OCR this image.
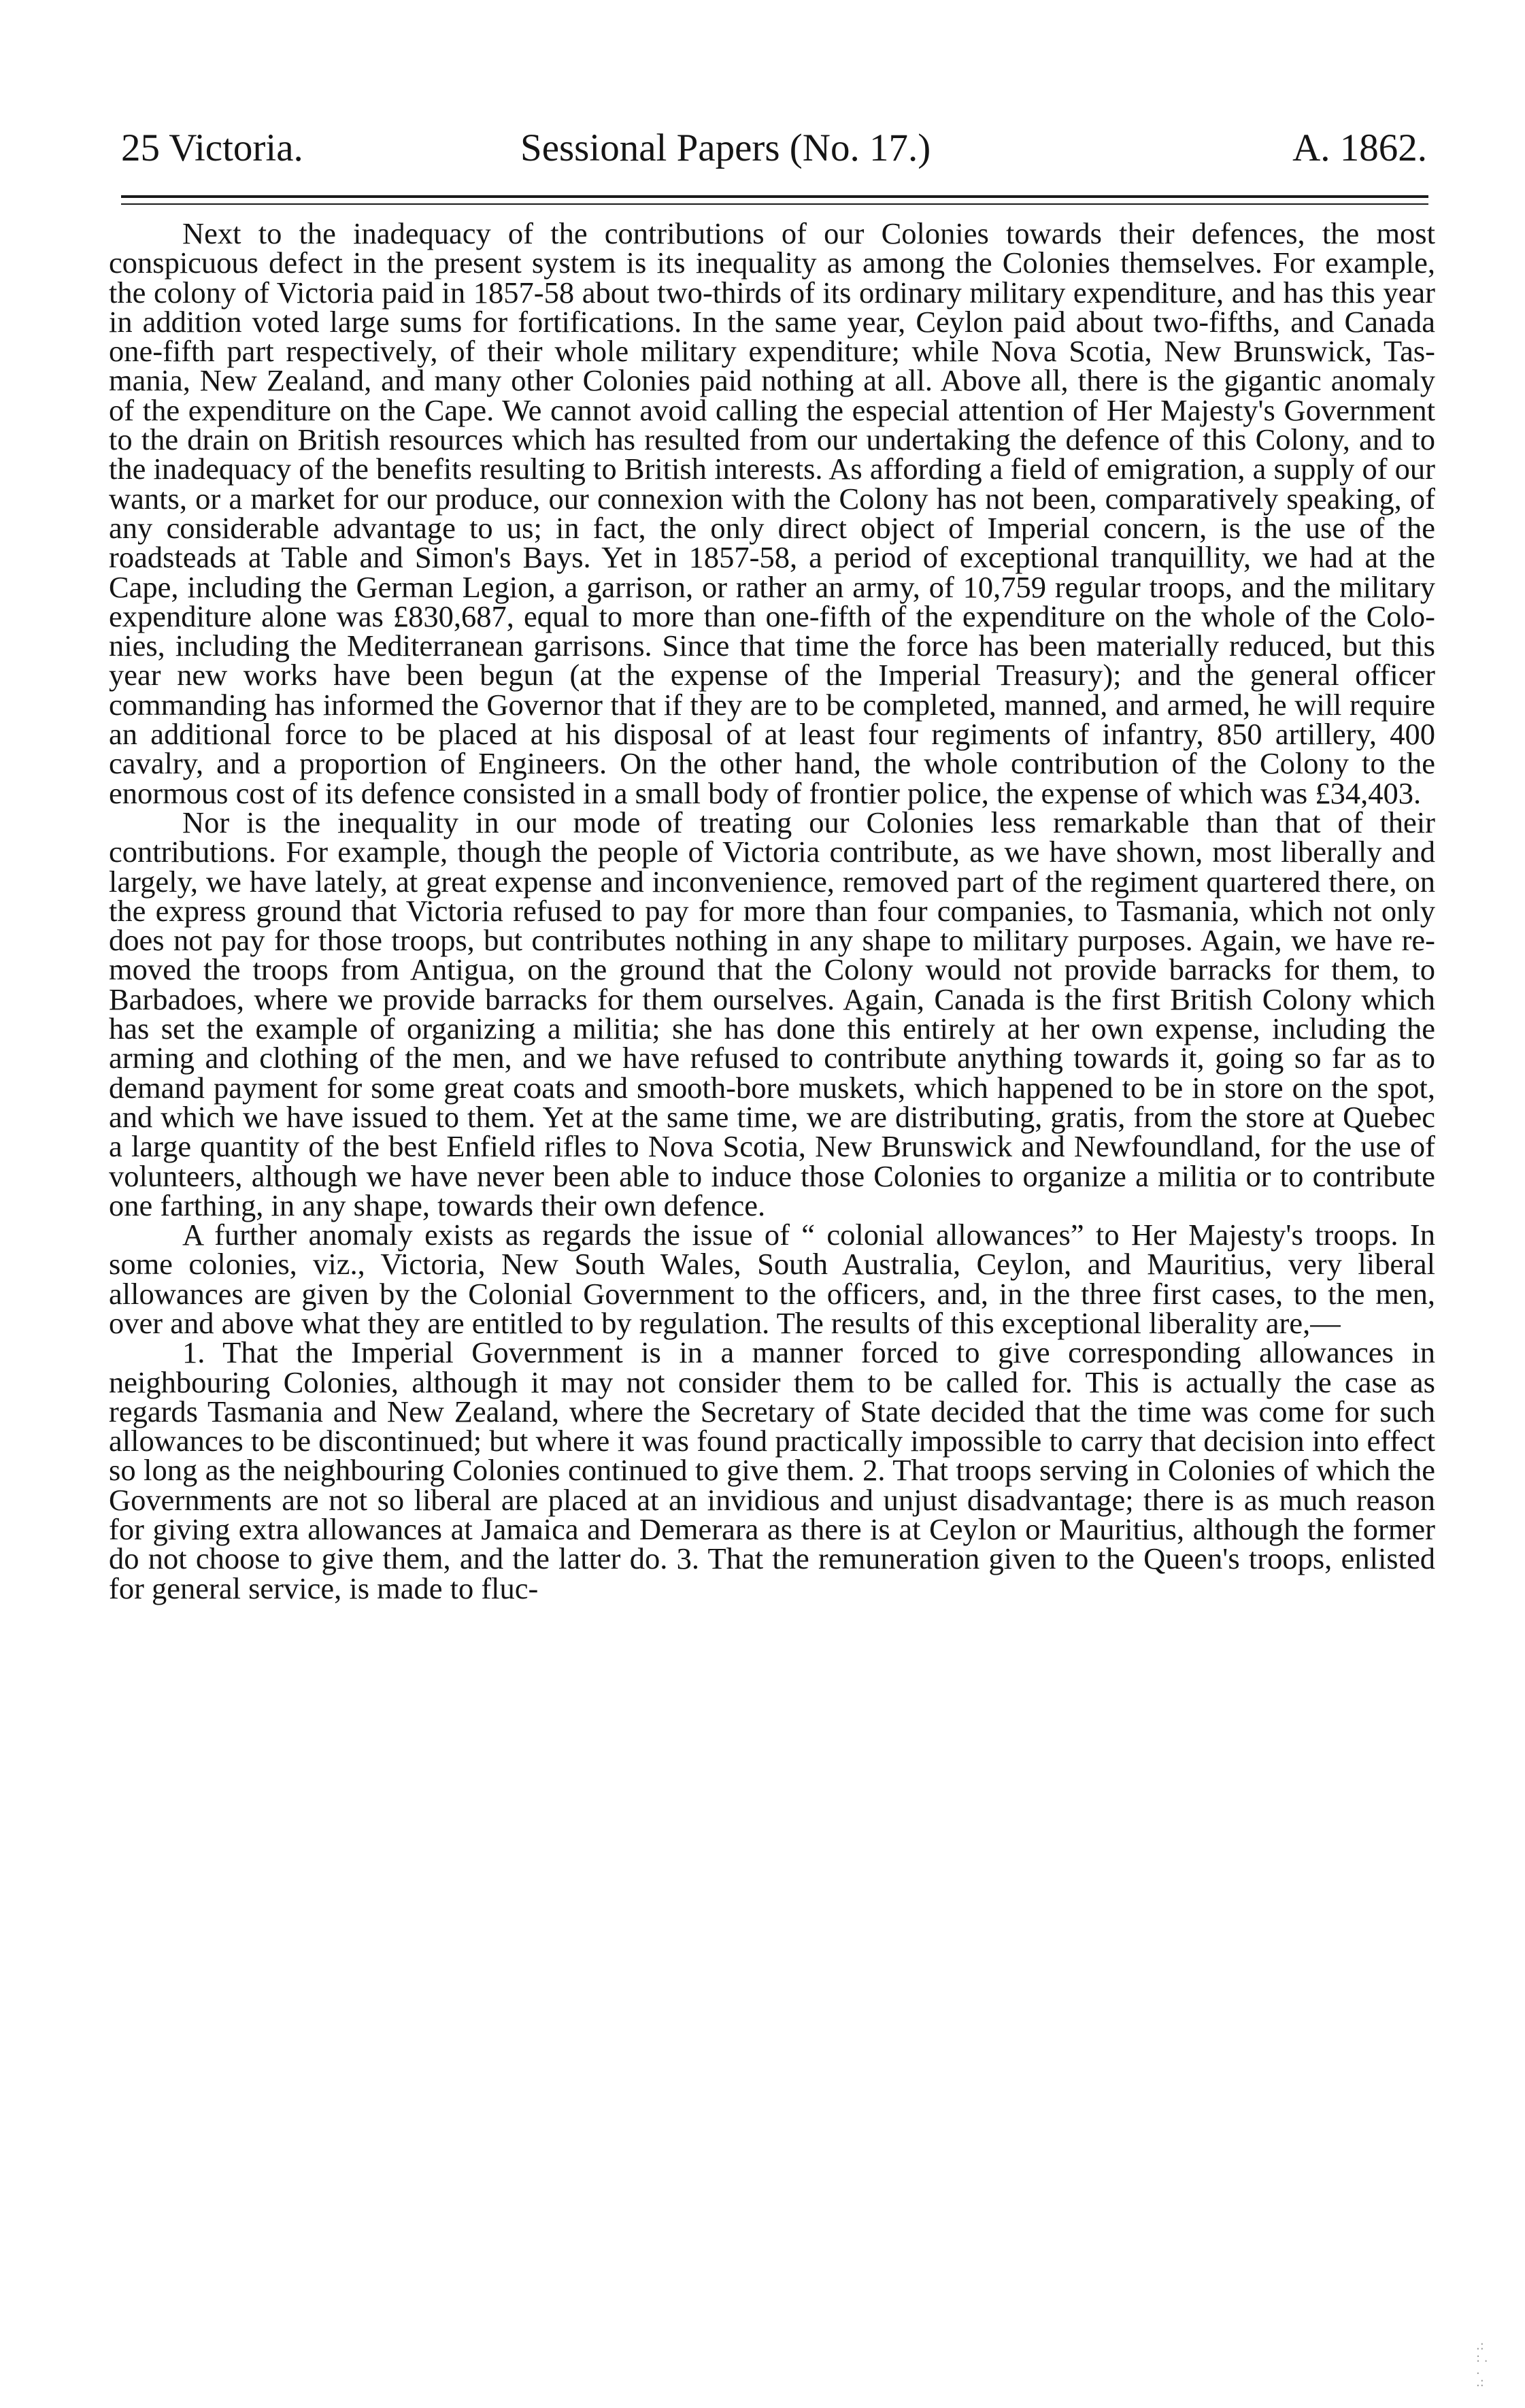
25 Victoria.	Sessional Papers (No. 17.)	A. 1862.

Next to the inadequacy of the contributions of our Colonies towards their defences, the most conspicuous defect in the present system is its inequality as among the Colonies themselves. For example, the colony of Victoria paid in 1857-58 about two-thirds of its ordinary military expenditure, and has this year in addition voted large sums for fortifications. In the same year, Ceylon paid about two-fifths, and Canada one-fifth part respectively, of their whole military expenditure; while Nova Scotia, New Brunswick, Tasmania, New Zealand, and many other Colonies paid nothing at all. Above all, there is the gigantic anomaly of the expenditure on the Cape. We cannot avoid calling the especial attention of Her Majesty's Government to the drain on British resources which has resulted from our undertaking the defence of this Colony, and to the inadequacy of the benefits resulting to British interests. As affording a field of emigration, a supply of our wants, or a market for our produce, our connexion with the Colony has not been, comparatively speaking, of any considerable advantage to us; in fact, the only direct object of Imperial concern, is the use of the roadsteads at Table and Simon's Bays. Yet in 1857-58, a period of exceptional tranquillity, we had at the Cape, including the German Legion, a garrison, or rather an army, of 10,759 regular troops, and the military expenditure alone was £830,687, equal to more than one-fifth of the expenditure on the whole of the Colonies, including the Mediterranean garrisons. Since that time the force has been materially reduced, but this year new works have been begun (at the expense of the Imperial Treasury); and the general officer commanding has informed the Governor that if they are to be completed, manned, and armed, he will require an additional force to be placed at his disposal of at least four regiments of infantry, 850 artillery, 400 cavalry, and a proportion of Engineers. On the other hand, the whole contribution of the Colony to the enormous cost of its defence consisted in a small body of frontier police, the expense of which was £34,403.

Nor is the inequality in our mode of treating our Colonies less remarkable than that of their contributions. For example, though the people of Victoria contribute, as we have shown, most liberally and largely, we have lately, at great expense and inconvenience, removed part of the regiment quartered there, on the express ground that Victoria refused to pay for more than four companies, to Tasmania, which not only does not pay for those troops, but contributes nothing in any shape to military purposes. Again, we have removed the troops from Antigua, on the ground that the Colony would not provide barracks for them, to Barbadoes, where we provide barracks for them ourselves. Again, Canada is the first British Colony which has set the example of organizing a militia; she has done this entirely at her own expense, including the arming and clothing of the men, and we have refused to contribute anything towards it, going so far as to demand payment for some great coats and smooth-bore muskets, which happened to be in store on the spot, and which we have issued to them. Yet at the same time, we are distributing, gratis, from the store at Quebec a large quantity of the best Enfield rifles to Nova Scotia, New Brunswick and Newfoundland, for the use of volunteers, although we have never been able to induce those Colonies to organize a militia or to contribute one farthing, in any shape, towards their own defence.

A further anomaly exists as regards the issue of “ colonial allowances” to Her Majesty's troops. In some colonies, viz., Victoria, New South Wales, South Australia, Ceylon, and Mauritius, very liberal allowances are given by the Colonial Government to the officers, and, in the three first cases, to the men, over and above what they are entitled to by regulation. The results of this exceptional liberality are,—

1. That the Imperial Government is in a manner forced to give corresponding allowances in neighbouring Colonies, although it may not consider them to be called for. This is actually the case as regards Tasmania and New Zealand, where the Secretary of State decided that the time was come for such allowances to be discontinued; but where it was found practically impossible to carry that decision into effect so long as the neighbouring Colonies continued to give them. 2. That troops serving in Colonies of which the Governments are not so liberal are placed at an invidious and unjust disadvantage; there is as much reason for giving extra allowances at Jamaica and Demerara as there is at Ceylon or Mauritius, although the former do not choose to give them, and the latter do. 3. That the remuneration given to the Queen's troops, enlisted for general service, is made to fluc-

.:
: .
.
.:
